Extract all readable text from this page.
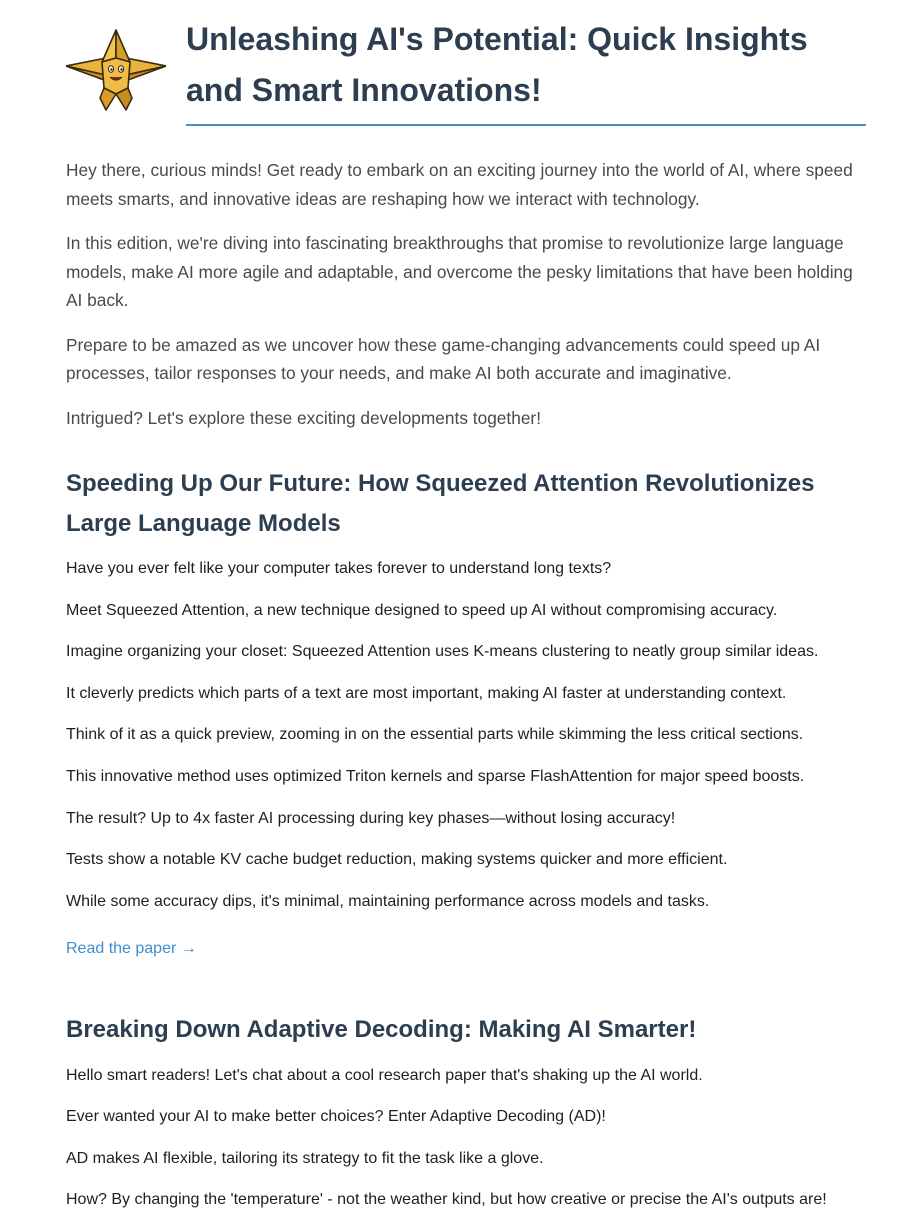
Unleashing AI's Potential: Quick Insights and Smart Innovations!

Hey there, curious minds! Get ready to embark on an exciting journey into the world of AI, where speed meets smarts, and innovative ideas are reshaping how we interact with technology.

In this edition, we're diving into fascinating breakthroughs that promise to revolutionize large language models, make AI more agile and adaptable, and overcome the pesky limitations that have been holding AI back.

Prepare to be amazed as we uncover how these game-changing advancements could speed up AI processes, tailor responses to your needs, and make AI both accurate and imaginative.

Intrigued? Let's explore these exciting developments together!

Speeding Up Our Future: How Squeezed Attention Revolutionizes Large Language Models

Have you ever felt like your computer takes forever to understand long texts?

Meet Squeezed Attention, a new technique designed to speed up AI without compromising accuracy.

Imagine organizing your closet: Squeezed Attention uses K-means clustering to neatly group similar ideas.

It cleverly predicts which parts of a text are most important, making AI faster at understanding context.

Think of it as a quick preview, zooming in on the essential parts while skimming the less critical sections.

This innovative method uses optimized Triton kernels and sparse FlashAttention for major speed boosts.

The result? Up to 4x faster AI processing during key phases—without losing accuracy!

Tests show a notable KV cache budget reduction, making systems quicker and more efficient.

While some accuracy dips, it's minimal, maintaining performance across models and tasks.

Read the paper →
Breaking Down Adaptive Decoding: Making AI Smarter!

Hello smart readers! Let's chat about a cool research paper that's shaking up the AI world.

Ever wanted your AI to make better choices? Enter Adaptive Decoding (AD)!

AD makes AI flexible, tailoring its strategy to fit the task like a glove.

How? By changing the 'temperature' - not the weather kind, but how creative or precise the AI's outputs are!
